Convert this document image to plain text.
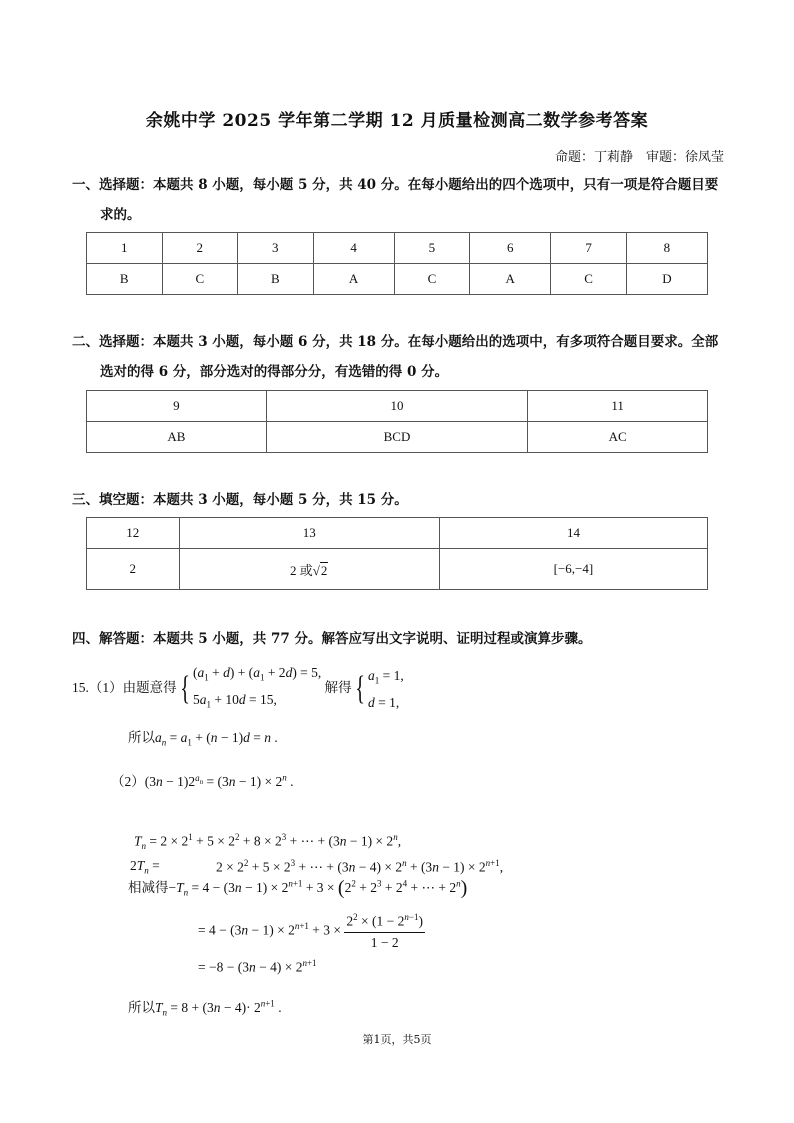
余姚中学 2025 学年第二学期 12 月质量检测高二数学参考答案
命题：丁莉静　审题：徐凤莹
一、选择题：本题共 8 小题，每小题 5 分，共 40 分。在每小题给出的四个选项中，只有一项是符合题目要
求的。
1	2	3	4	5	6	7	8
B	C	B	A	C	A	C	D
二、选择题：本题共 3 小题，每小题 6 分，共 18 分。在每小题给出的选项中，有多项符合题目要求。全部
选对的得 6 分，部分选对的得部分分，有选错的得 0 分。
9	10	11
AB	BCD	AC
三、填空题：本题共 3 小题，每小题 5 分，共 15 分。
12	13	14
2	2 或√2	[−6,−4]
四、解答题：本题共 5 小题，共 77 分。解答应写出文字说明、证明过程或演算步骤。
15.（1）由题意得{ $(a_1 + d) + (a_1 + 2d) = 5$,
$5a_1 + 10d = 15$,
解得{ $a_1 = 1$,
d = 1,
所以$a_n = a_1 + (n - 1)d = n$ .
$(2)(3n - 1)2^{a_n} = (3n - 1) \times 2^n$ .
$T_n = 2 \times 2^1 + 5 \times 2^2 + 8 \times 2^3$ + ⋯ + $(3n - 1) \times 2^n$,
$2T_n$ =	$2 \times 2^2 + 5 \times 2^3$ + ⋯ + $(3n - 4) \times 2^n + (3n - 1) \times 2^{n+1}$,
相减得$-T_n = 4 - (3n - 1) \times 2^{n+1} + 3 \times (2^2 + 2^3 + 2^4$ + ⋯ + $2^n$)
= $4 - (3n - 1) \times 2^{n+1} + 3 \times \frac{2^2 \times (1 - 2^{n-1})}{1 - 2}$
= $-8 - (3n - 4) \times 2^{n+1}$
所以$T_n = 8 + (3n - 4)\cdot 2^{n+1}$ .
第1页，共5页
